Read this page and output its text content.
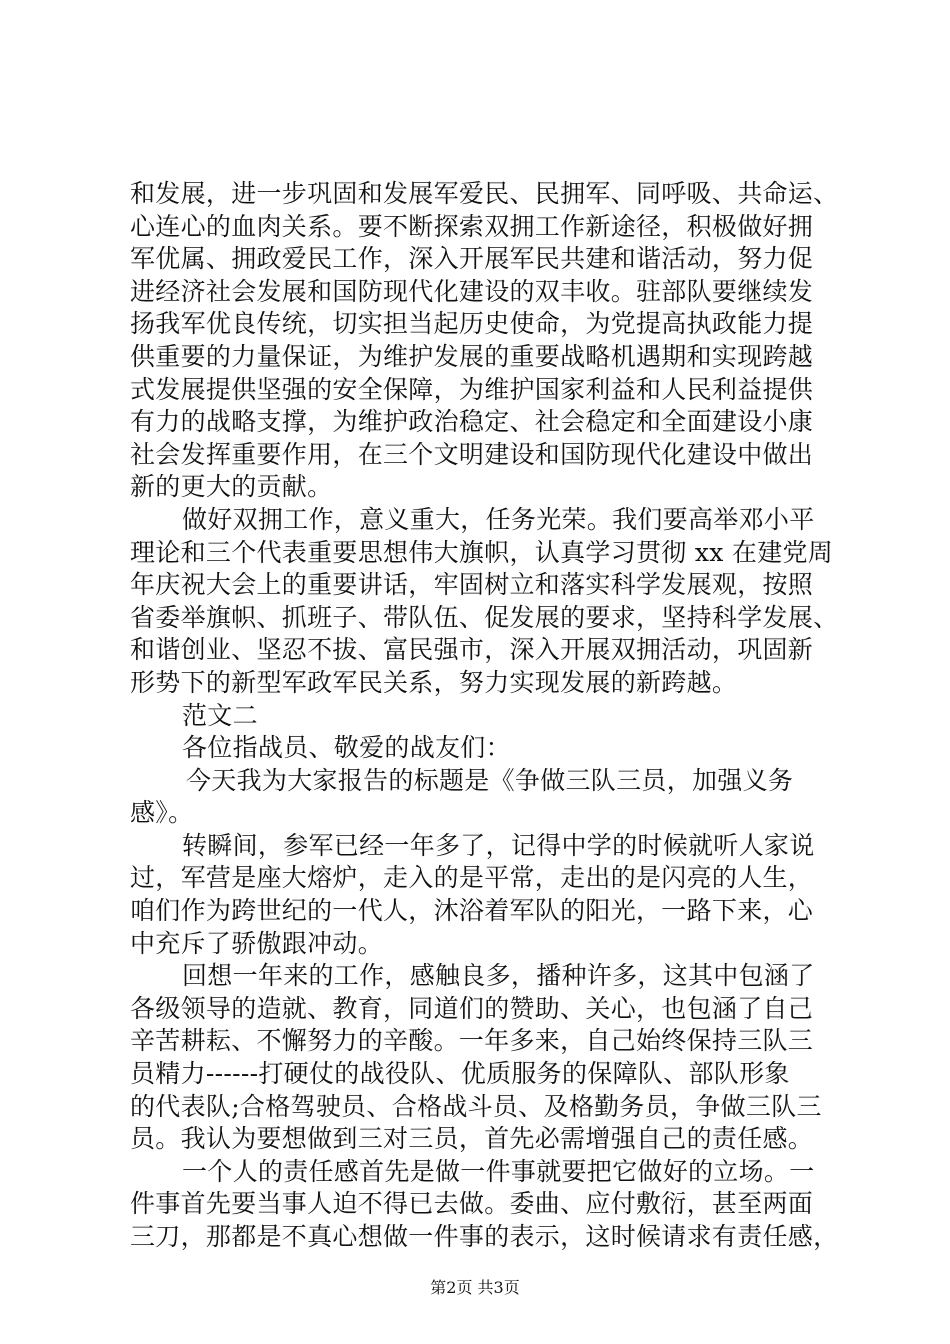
和发展，进一步巩固和发展军爱民、民拥军、同呼吸、共命运、
心连心的血肉关系。要不断探索双拥工作新途径，积极做好拥
军优属、拥政爱民工作，深入开展军民共建和谐活动，努力促
进经济社会发展和国防现代化建设的双丰收。驻部队要继续发
扬我军优良传统，切实担当起历史使命，为党提高执政能力提
供重要的力量保证，为维护发展的重要战略机遇期和实现跨越
式发展提供坚强的安全保障，为维护国家利益和人民利益提供
有力的战略支撑，为维护政治稳定、社会稳定和全面建设小康
社会发挥重要作用，在三个文明建设和国防现代化建设中做出
新的更大的贡献。
做好双拥工作，意义重大，任务光荣。我们要高举邓小平
理论和三个代表重要思想伟大旗帜，认真学习贯彻 xx 在建党周
年庆祝大会上的重要讲话，牢固树立和落实科学发展观，按照
省委举旗帜、抓班子、带队伍、促发展的要求，坚持科学发展、
和谐创业、坚忍不拔、富民强市，深入开展双拥活动，巩固新
形势下的新型军政军民关系，努力实现发展的新跨越。
范文二
各位指战员、敬爱的战友们：
今天我为大家报告的标题是《争做三队三员，加强义务
感》。
转瞬间，参军已经一年多了，记得中学的时候就听人家说
过，军营是座大熔炉，走入的是平常，走出的是闪亮的人生，
咱们作为跨世纪的一代人，沐浴着军队的阳光，一路下来，心
中充斥了骄傲跟冲动。
回想一年来的工作，感触良多，播种许多，这其中包涵了
各级领导的造就、教育，同道们的赞助、关心，也包涵了自己
辛苦耕耘、不懈努力的辛酸。一年多来，自己始终保持三队三
员精力------打硬仗的战役队、优质服务的保障队、部队形象
的代表队;合格驾驶员、合格战斗员、及格勤务员，争做三队三
员。我认为要想做到三对三员，首先必需增强自己的责任感。
一个人的责任感首先是做一件事就要把它做好的立场。一
件事首先要当事人迫不得已去做。委曲、应付敷衍，甚至两面
三刀，那都是不真心想做一件事的表示，这时候请求有责任感，
第2页 共3页
